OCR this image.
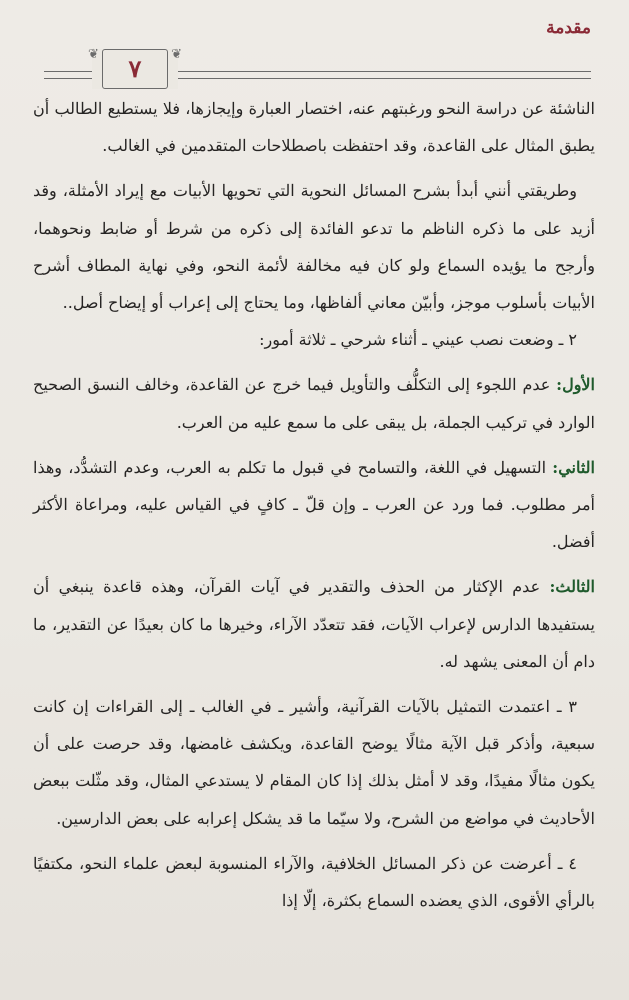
مقدمة
❦	٧	❦

الناشئة عن دراسة النحو ورغبتهم عنه، اختصار العبارة وإيجازها، فلا يستطيع الطالب أن يطبق المثال على القاعدة، وقد احتفظت باصطلاحات المتقدمين في الغالب.

وطريقتي أنني أبدأ بشرح المسائل النحوية التي تحويها الأبيات مع إيراد الأمثلة، وقد أزيد على ما ذكره الناظم ما تدعو الفائدة إلى ذكره من شرط أو ضابط ونحوهما، وأرجح ما يؤيده السماع ولو كان فيه مخالفة لأئمة النحو، وفي نهاية المطاف أشرح الأبيات بأسلوب موجز، وأبيّن معاني ألفاظها، وما يحتاج إلى إعراب أو إيضاح أصل..

٢ ـ وضعت نصب عيني ـ أثناء شرحي ـ ثلاثة أمور:

الأول: عدم اللجوء إلى التكلُّف والتأويل فيما خرج عن القاعدة، وخالف النسق الصحيح الوارد في تركيب الجملة، بل يبقى على ما سمع عليه من العرب.

الثاني: التسهيل في اللغة، والتسامح في قبول ما تكلم به العرب، وعدم التشدُّد، وهذا أمر مطلوب. فما ورد عن العرب ـ وإن قلّ ـ كافٍ في القياس عليه، ومراعاة الأكثر أفضل.

الثالث: عدم الإكثار من الحذف والتقدير في آيات القرآن، وهذه قاعدة ينبغي أن يستفيدها الدارس لإعراب الآيات، فقد تتعدّد الآراء، وخيرها ما كان بعيدًا عن التقدير، ما دام أن المعنى يشهد له.

٣ ـ اعتمدت التمثيل بالآيات القرآنية، وأشير ـ في الغالب ـ إلى القراءات إن كانت سبعية، وأذكر قبل الآية مثالًا يوضح القاعدة، ويكشف غامضها، وقد حرصت على أن يكون مثالًا مفيدًا، وقد لا أمثل بذلك إذا كان المقام لا يستدعي المثال، وقد مثّلت ببعض الأحاديث في مواضع من الشرح، ولا سيّما ما قد يشكل إعرابه على بعض الدارسين.

٤ ـ أعرضت عن ذكر المسائل الخلافية، والآراء المنسوبة لبعض علماء النحو، مكتفيًا بالرأي الأقوى، الذي يعضده السماع بكثرة، إلّا إذا
